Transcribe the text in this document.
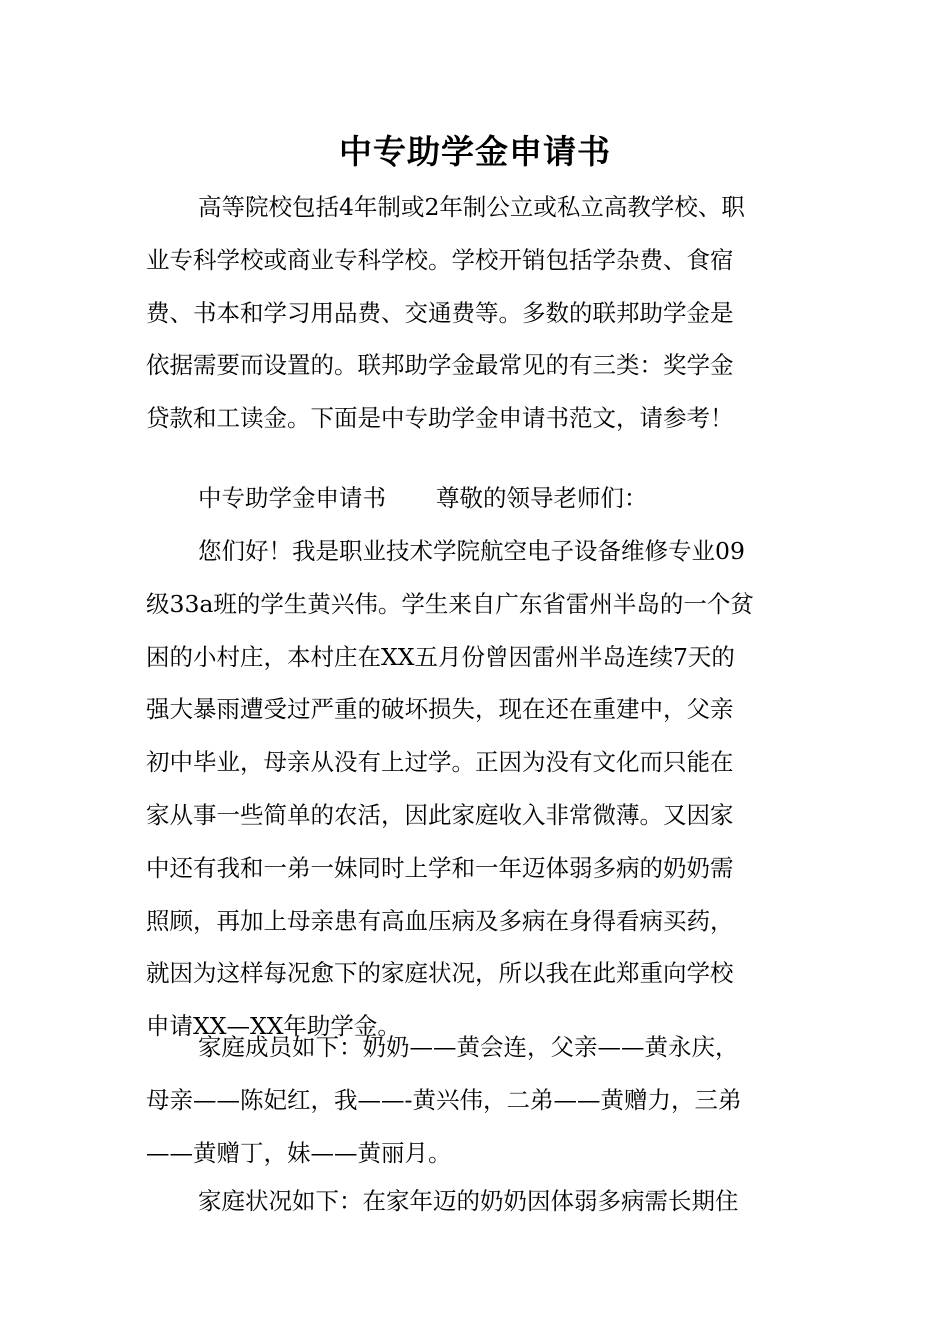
中专助学金申请书
高等院校包括4年制或2年制公立或私立高教学校、职
业专科学校或商业专科学校。学校开销包括学杂费、食宿
费、书本和学习用品费、交通费等。多数的联邦助学金是
依据需要而设置的。联邦助学金最常见的有三类：奖学金
贷款和工读金。下面是中专助学金申请书范文，请参考！
中专助学金申请书 尊敬的领导老师们：
您们好！我是职业技术学院航空电子设备维修专业09
级33a班的学生黄兴伟。学生来自广东省雷州半岛的一个贫
困的小村庄，本村庄在XX五月份曾因雷州半岛连续7天的
强大暴雨遭受过严重的破坏损失，现在还在重建中，父亲
初中毕业，母亲从没有上过学。正因为没有文化而只能在
家从事一些简单的农活，因此家庭收入非常微薄。又因家
中还有我和一弟一妹同时上学和一年迈体弱多病的奶奶需
照顾，再加上母亲患有高血压病及多病在身得看病买药，
就因为这样每况愈下的家庭状况，所以我在此郑重向学校
申请XX—XX年助学金。
家庭成员如下：奶奶——黄会连，父亲——黄永庆，
母亲——陈妃红，我——-黄兴伟，二弟——黄赠力，三弟
——黄赠丁，妹——黄丽月。
家庭状况如下：在家年迈的奶奶因体弱多病需长期住
